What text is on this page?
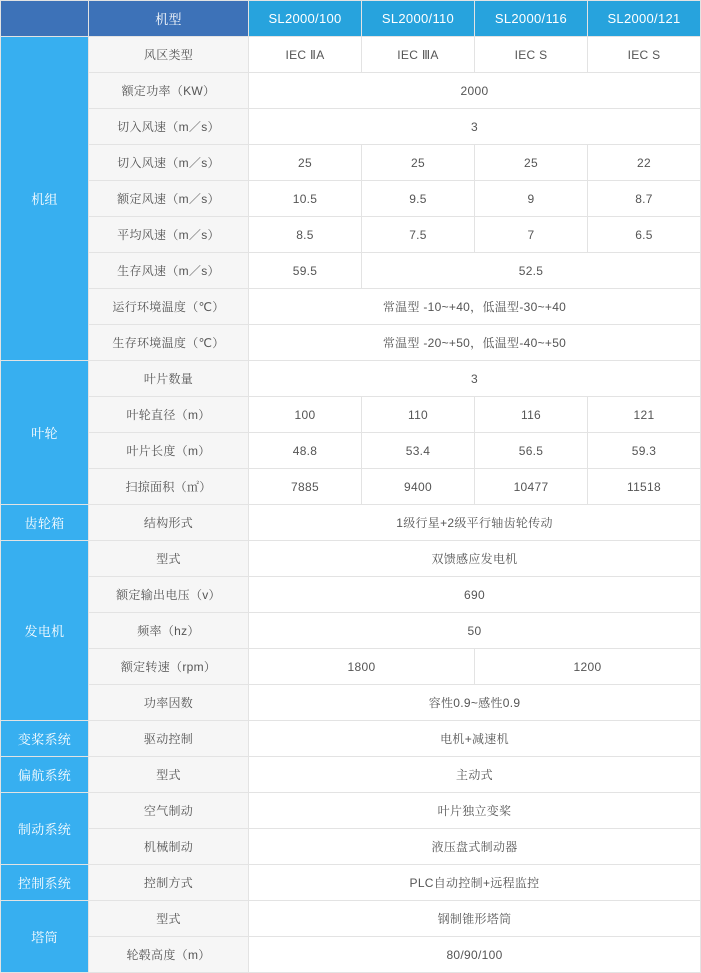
	机型	SL2000/100	SL2000/110	SL2000/116	SL2000/121
机组	风区类型	IEC ⅡA	IEC ⅢA	IEC S	IEC S
	额定功率（KW）	2000			
	切入风速（m／s）	3			
	切入风速（m／s）	25	25	25	22
	额定风速（m／s）	10.5	9.5	9	8.7
	平均风速（m／s）	8.5	7.5	7	6.5
	生存风速（m／s）	59.5	52.5		
	运行环境温度（℃）	常温型 -10~+40，低温型-30~+40			
	生存环境温度（℃）	常温型 -20~+50，低温型-40~+50			
叶轮	叶片数量	3			
	叶轮直径（m）	100	110	116	121
	叶片长度（m）	48.8	53.4	56.5	59.3
	扫掠面积（㎡）	7885	9400	10477	11518
齿轮箱	结构形式	1级行星+2级平行轴齿轮传动			
发电机	型式	双馈感应发电机			
	额定输出电压（v）	690			
	频率（hz）	50			
	额定转速（rpm）	1800		1200	
	功率因数	容性0.9~感性0.9			
变桨系统	驱动控制	电机+减速机			
偏航系统	型式	主动式			
制动系统	空气制动	叶片独立变桨			
	机械制动	液压盘式制动器			
控制系统	控制方式	PLC自动控制+远程监控			
塔筒	型式	钢制锥形塔筒			
	轮毂高度（m）	80/90/100			
